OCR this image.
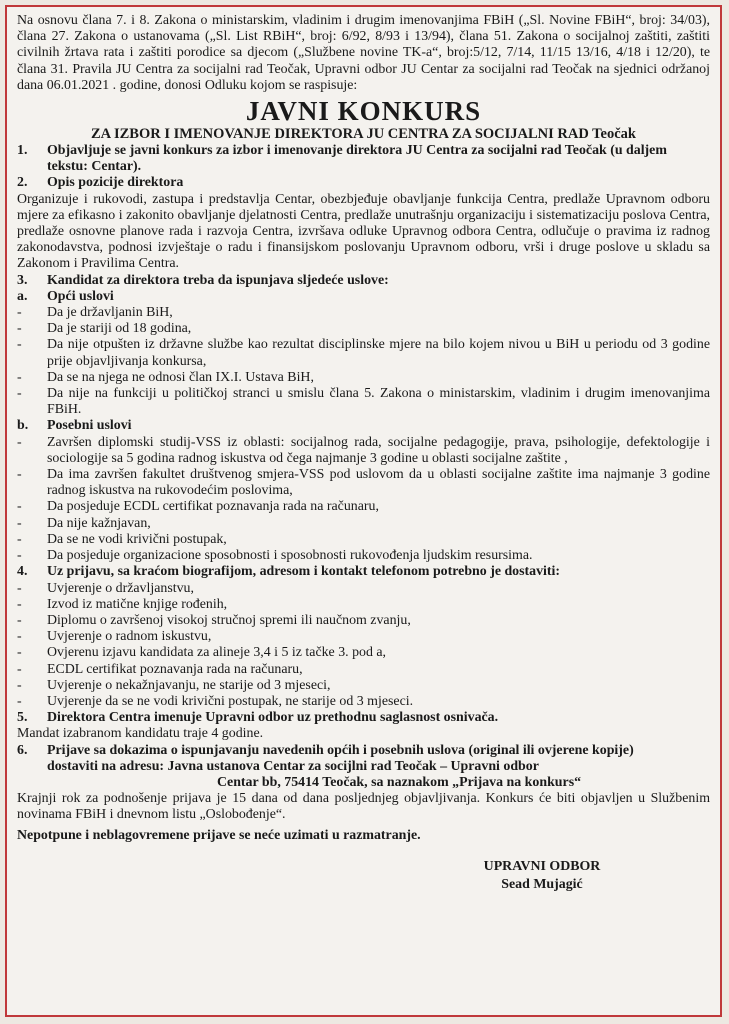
Na osnovu člana 7. i 8. Zakona o ministarskim, vladinim i drugim imenovanjima FBiH („Sl. Novine FBiH“, broj: 34/03), člana 27. Zakona o ustanovama („Sl. List RBiH“, broj: 6/92, 8/93 i 13/94), člana 51. Zakona o socijalnoj zaštiti, zaštiti civilnih žrtava rata i zaštiti porodice sa djecom („Službene novine TK-a“, broj:5/12, 7/14, 11/15 13/16, 4/18 i 12/20), te člana 31. Pravila JU Centra za socijalni rad Teočak, Upravni odbor JU Centar za socijalni rad Teočak na sjednici održanoj dana 06.01.2021 . godine, donosi Odluku kojom se raspisuje:
JAVNI KONKURS
ZA IZBOR I IMENOVANJE DIREKTORA JU CENTRA ZA SOCIJALNI RAD Teočak
1.	Objavljuje se javni konkurs za izbor i imenovanje direktora JU Centra za socijalni rad Teočak (u daljem tekstu: Centar).
2.	Opis pozicije direktora
Organizuje i rukovodi, zastupa i predstavlja Centar, obezbjeđuje obavljanje funkcija Centra, predlaže Upravnom odboru mjere za efikasno i zakonito obavljanje djelatnosti Centra, predlaže unutrašnju organizaciju i sistematizaciju poslova Centra, predlaže osnovne planove rada i razvoja Centra, izvršava odluke Upravnog odbora Centra, odlučuje o pravima iz radnog zakonodavstva, podnosi izvještaje o radu i finansijskom poslovanju Upravnom odboru, vrši i druge poslove u skladu sa Zakonom i Pravilima Centra.
3.	Kandidat za direktora treba da ispunjava sljedeće uslove:
a.	Opći uslovi
-	Da je državljanin BiH,
-	Da je stariji od 18 godina,
-	Da nije otpušten iz državne službe kao rezultat disciplinske mjere na bilo kojem nivou u BiH u periodu od 3 godine prije objavljivanja konkursa,
-	Da se na njega ne odnosi član IX.I. Ustava BiH,
-	Da nije na funkciji u političkoj stranci u smislu člana 5. Zakona o ministarskim, vladinim i drugim imenovanjima FBiH.
b.	Posebni uslovi
-	Završen diplomski studij-VSS iz oblasti: socijalnog rada, socijalne pedagogije, prava, psihologije, defektologije i sociologije sa 5 godina radnog iskustva od čega najmanje 3 godine u oblasti socijalne zaštite ,
-	Da ima završen fakultet društvenog smjera-VSS pod uslovom da u oblasti socijalne zaštite ima najmanje 3 godine radnog iskustva na rukovodećim poslovima,
-	Da posjeduje ECDL certifikat poznavanja rada na računaru,
-	Da nije kažnjavan,
-	Da se ne vodi krivični postupak,
-	Da posjeduje organizacione sposobnosti i sposobnosti rukovođenja ljudskim resursima.
4.	Uz prijavu, sa kraćom biografijom, adresom i kontakt telefonom potrebno je dostaviti:
-	Uvjerenje o državljanstvu,
-	Izvod iz matične knjige rođenih,
-	Diplomu o završenoj visokoj stručnoj spremi ili naučnom zvanju,
-	Uvjerenje o radnom iskustvu,
-	Ovjerenu izjavu kandidata za alineje 3,4 i 5 iz tačke 3. pod a,
-	ECDL certifikat poznavanja rada na računaru,
-	Uvjerenje o nekažnjavanju, ne starije od 3 mjeseci,
-	Uvjerenje da se ne vodi krivični postupak, ne starije od 3 mjeseci.
5.	Direktora Centra imenuje Upravni odbor uz prethodnu saglasnost osnivača.
Mandat izabranom kandidatu traje 4 godine.
6.	Prijave sa dokazima o ispunjavanju navedenih općih i posebnih uslova (original ili ovjerene kopije)
dostaviti na adresu: Javna ustanova Centar za socijlni rad Teočak – Upravni odbor
Centar bb, 75414 Teočak, sa naznakom „Prijava na konkurs“
Krajnji rok za podnošenje prijava je 15 dana od dana posljednjeg objavljivanja. Konkurs će biti objavljen u Službenim novinama FBiH i dnevnom listu „Oslobođenje“.
Nepotpune i neblagovremene prijave se neće uzimati u razmatranje.
UPRAVNI ODBOR
Sead Mujagić
